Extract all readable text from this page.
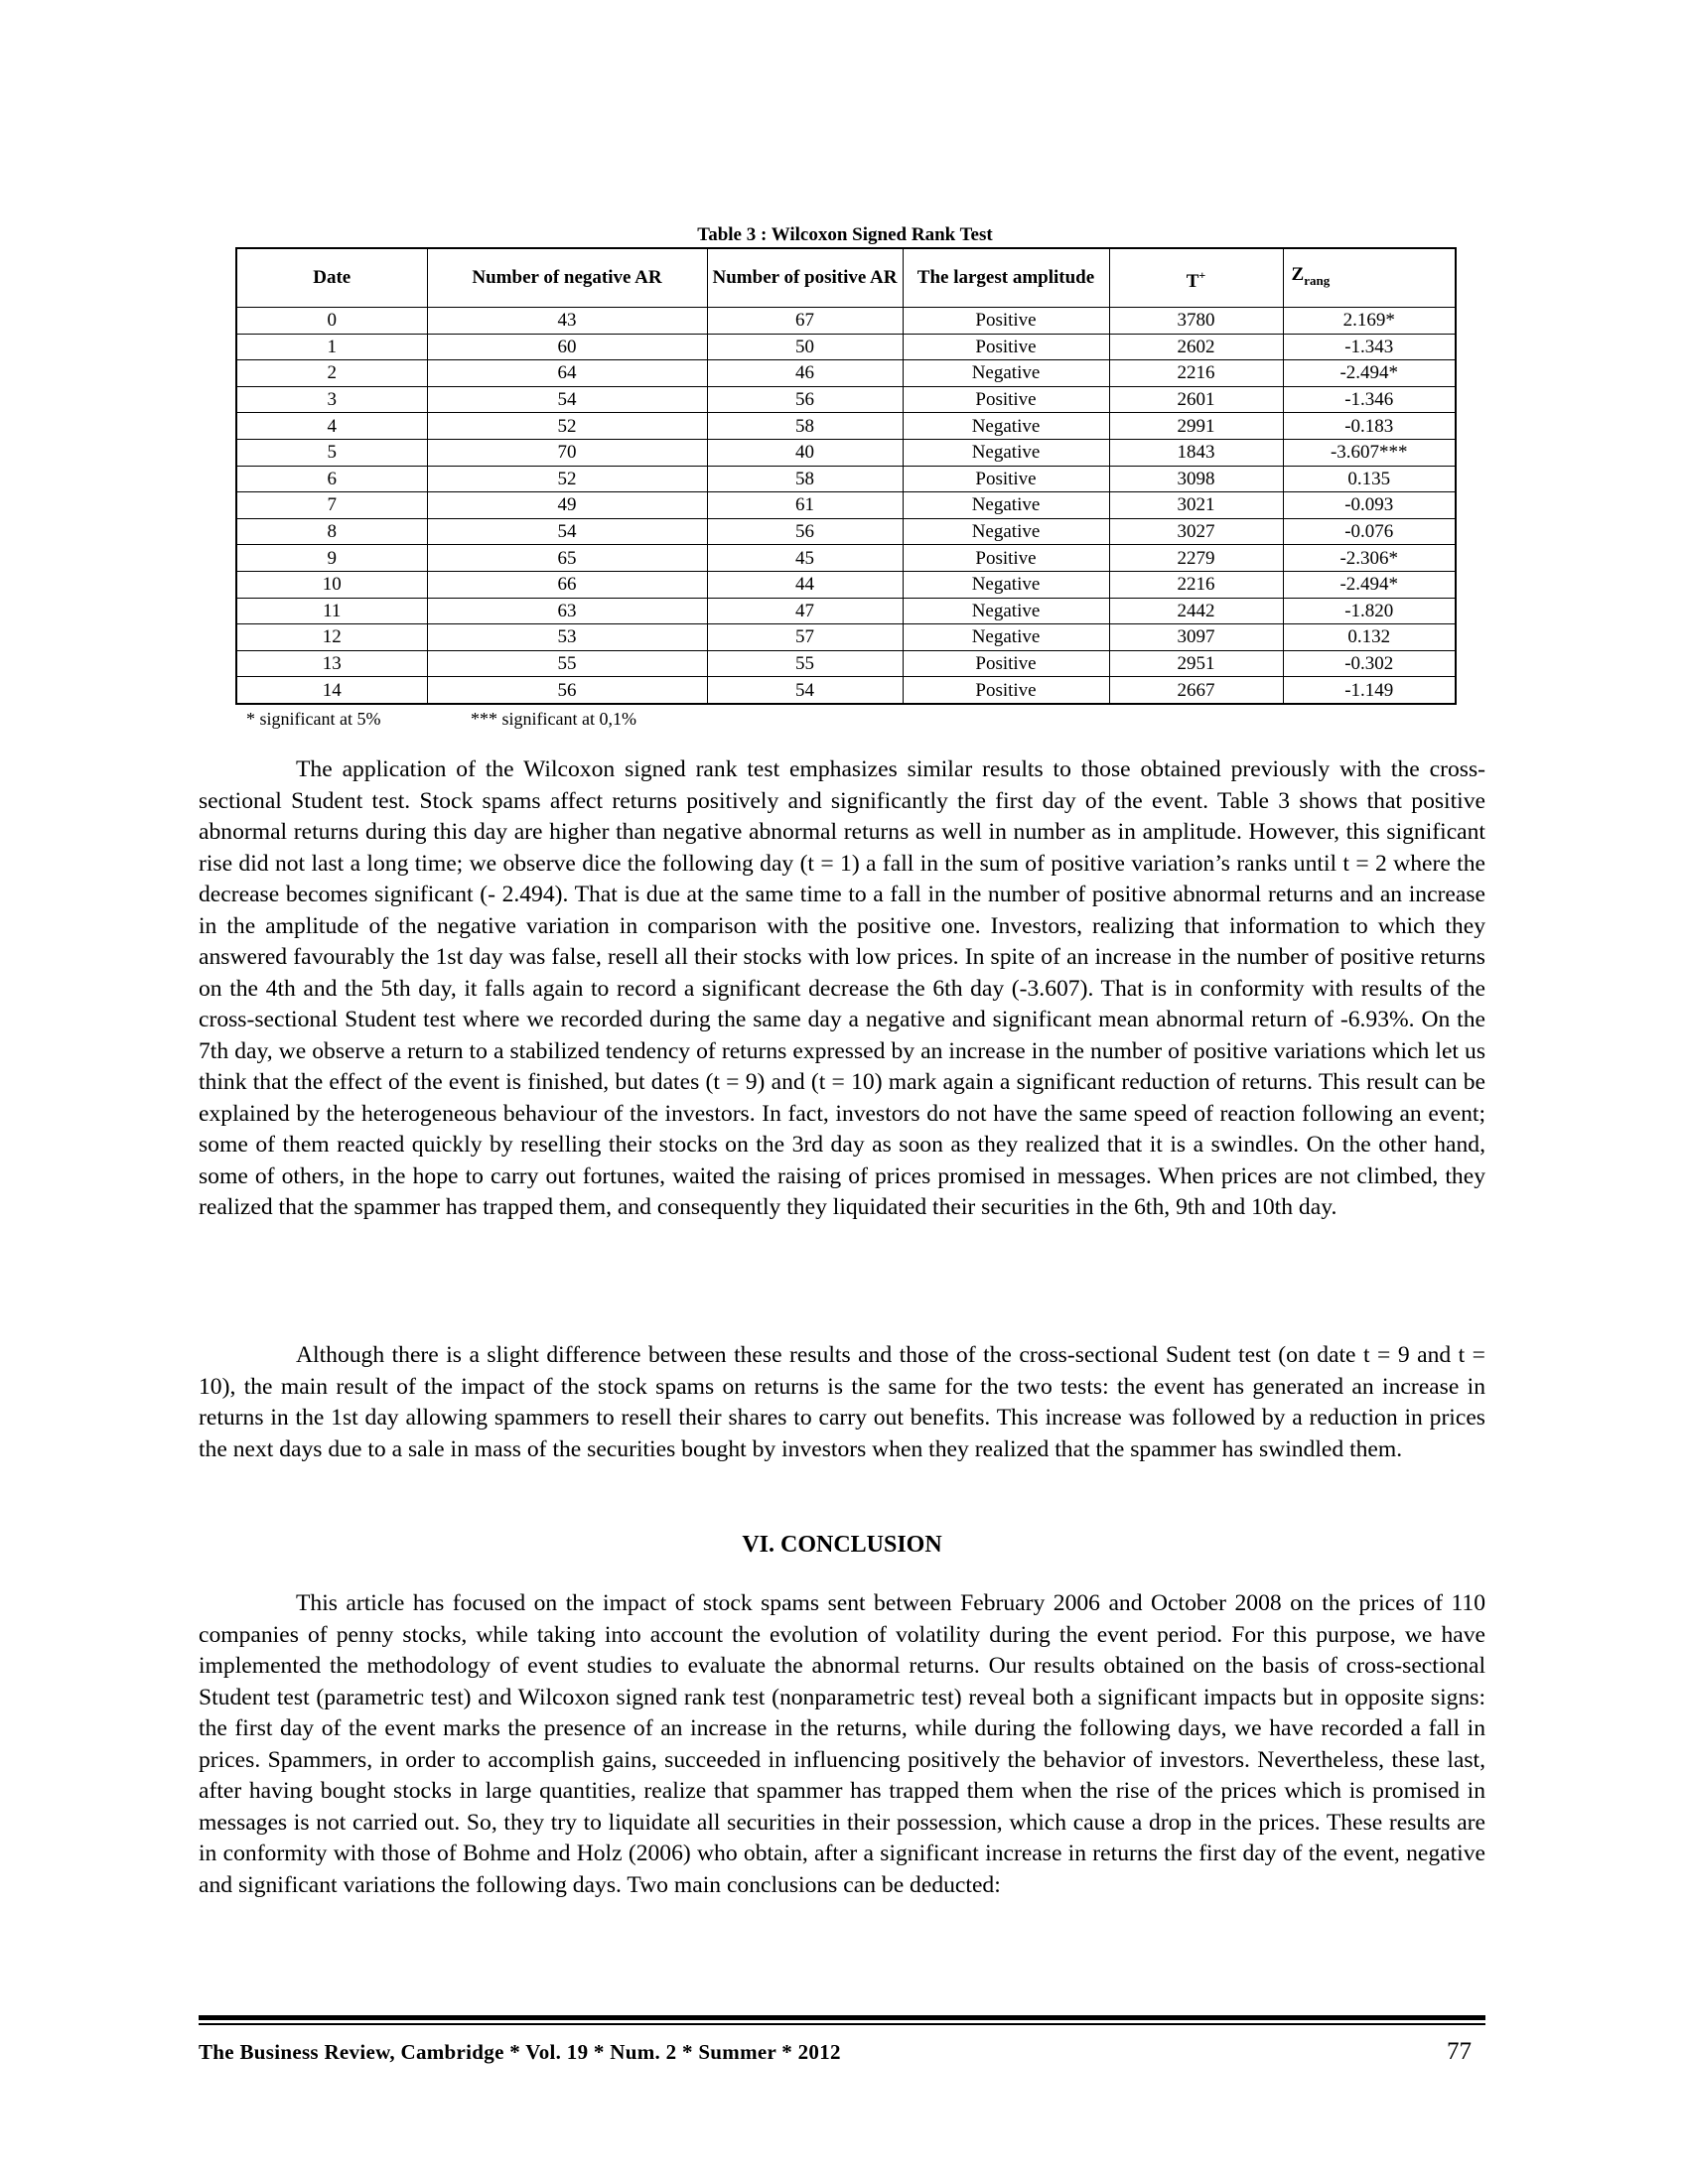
Table 3 : Wilcoxon Signed Rank Test
Date	Number of negative AR	Number of positive AR	The largest amplitude	T+	$Z_{rang}$
0	43	67	Positive	3780	2.169*
1	60	50	Positive	2602	-1.343
2	64	46	Negative	2216	-2.494*
3	54	56	Positive	2601	-1.346
4	52	58	Negative	2991	-0.183
5	70	40	Negative	1843	-3.607***
6	52	58	Positive	3098	0.135
7	49	61	Negative	3021	-0.093
8	54	56	Negative	3027	-0.076
9	65	45	Positive	2279	-2.306*
10	66	44	Negative	2216	-2.494*
11	63	47	Negative	2442	-1.820
12	53	57	Negative	3097	0.132
13	55	55	Positive	2951	-0.302
14	56	54	Positive	2667	-1.149
* significant at 5%	*** significant at 0,1%

The application of the Wilcoxon signed rank test emphasizes similar results to those obtained previously with the cross-sectional Student test. Stock spams affect returns positively and significantly the first day of the event. Table 3 shows that positive abnormal returns during this day are higher than negative abnormal returns as well in number as in amplitude. However, this significant rise did not last a long time; we observe dice the following day (t = 1) a fall in the sum of positive variation’s ranks until t = 2 where the decrease becomes significant (- 2.494). That is due at the same time to a fall in the number of positive abnormal returns and an increase in the amplitude of the negative variation in comparison with the positive one. Investors, realizing that information to which they answered favourably the 1st day was false, resell all their stocks with low prices. In spite of an increase in the number of positive returns on the 4th and the 5th day, it falls again to record a significant decrease the 6th day (-3.607). That is in conformity with results of the cross-sectional Student test where we recorded during the same day a negative and significant mean abnormal return of -6.93%. On the 7th day, we observe a return to a stabilized tendency of returns expressed by an increase in the number of positive variations which let us think that the effect of the event is finished, but dates (t = 9) and (t = 10) mark again a significant reduction of returns. This result can be explained by the heterogeneous behaviour of the investors. In fact, investors do not have the same speed of reaction following an event; some of them reacted quickly by reselling their stocks on the 3rd day as soon as they realized that it is a swindles. On the other hand, some of others, in the hope to carry out fortunes, waited the raising of prices promised in messages. When prices are not climbed, they realized that the spammer has trapped them, and consequently they liquidated their securities in the 6th, 9th and 10th day.

Although there is a slight difference between these results and those of the cross-sectional Sudent test (on date t = 9 and t = 10), the main result of the impact of the stock spams on returns is the same for the two tests: the event has generated an increase in returns in the 1st day allowing spammers to resell their shares to carry out benefits. This increase was followed by a reduction in prices the next days due to a sale in mass of the securities bought by investors when they realized that the spammer has swindled them.

VI. CONCLUSION

This article has focused on the impact of stock spams sent between February 2006 and October 2008 on the prices of 110 companies of penny stocks, while taking into account the evolution of volatility during the event period. For this purpose, we have implemented the methodology of event studies to evaluate the abnormal returns. Our results obtained on the basis of cross-sectional Student test (parametric test) and Wilcoxon signed rank test (nonparametric test) reveal both a significant impacts but in opposite signs: the first day of the event marks the presence of an increase in the returns, while during the following days, we have recorded a fall in prices. Spammers, in order to accomplish gains, succeeded in influencing positively the behavior of investors. Nevertheless, these last, after having bought stocks in large quantities, realize that spammer has trapped them when the rise of the prices which is promised in messages is not carried out. So, they try to liquidate all securities in their possession, which cause a drop in the prices. These results are in conformity with those of Bohme and Holz (2006) who obtain, after a significant increase in returns the first day of the event, negative and significant variations the following days. Two main conclusions can be deducted:

The Business Review, Cambridge * Vol. 19 * Num. 2 * Summer * 2012	77
